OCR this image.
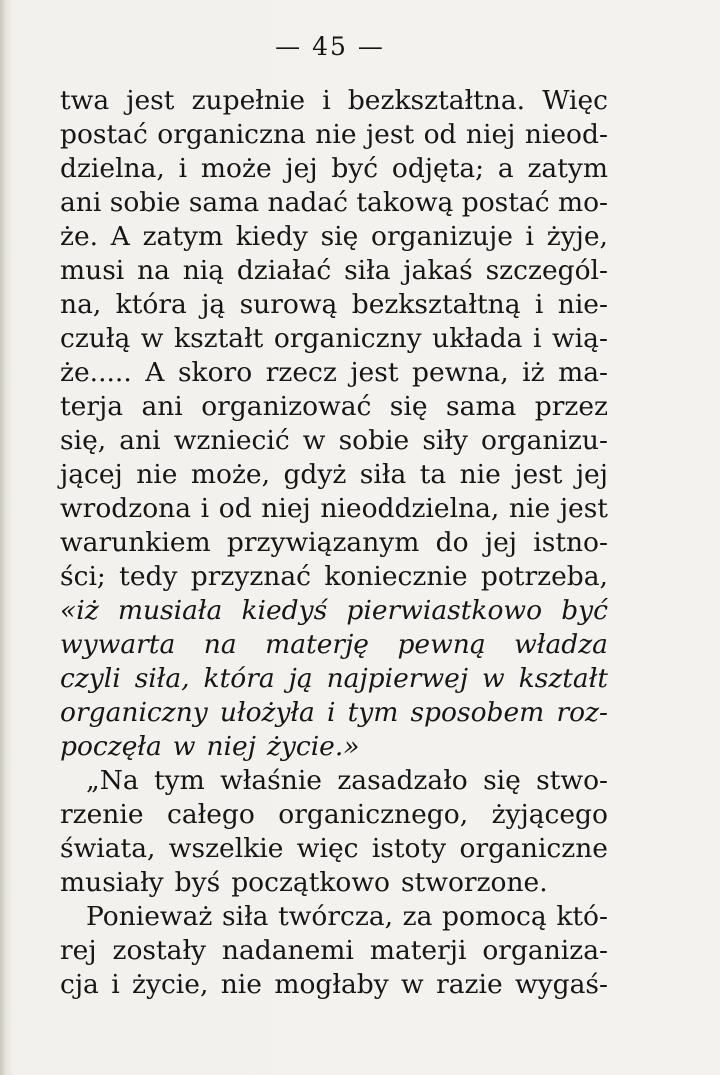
— 45 —
twa jest zupełnie i bezkształtna. Więc
postać organiczna nie jest od niej nieod-
dzielna, i może jej być odjęta; a zatym
ani sobie sama nadać takową postać mo-
że. A zatym kiedy się organizuje i żyje,
musi na nią działać siła jakaś szczegól-
na, która ją surową bezkształtną i nie-
czułą w kształt organiczny układa i wią-
że..... A skoro rzecz jest pewna, iż ma-
terja ani organizować się sama przez
się, ani wzniecić w sobie siły organizu-
jącej nie może, gdyż siła ta nie jest jej
wrodzona i od niej nieoddzielna, nie jest
warunkiem przywiązanym do jej istno-
ści; tedy przyznać koniecznie potrzeba,
«iż musiała kiedyś pierwiastkowo być
wywarta na materję pewną władza
czyli siła, która ją najpierwej w kształt
organiczny ułożyła i tym sposobem roz-
poczęła w niej życie.»
„Na tym właśnie zasadzało się stwo-
rzenie całego organicznego, żyjącego
świata, wszelkie więc istoty organiczne
musiały byś początkowo stworzone.
Ponieważ siła twórcza, za pomocą któ-
rej zostały nadanemi materji organiza-
cja i życie, nie mogłaby w razie wygaś-
